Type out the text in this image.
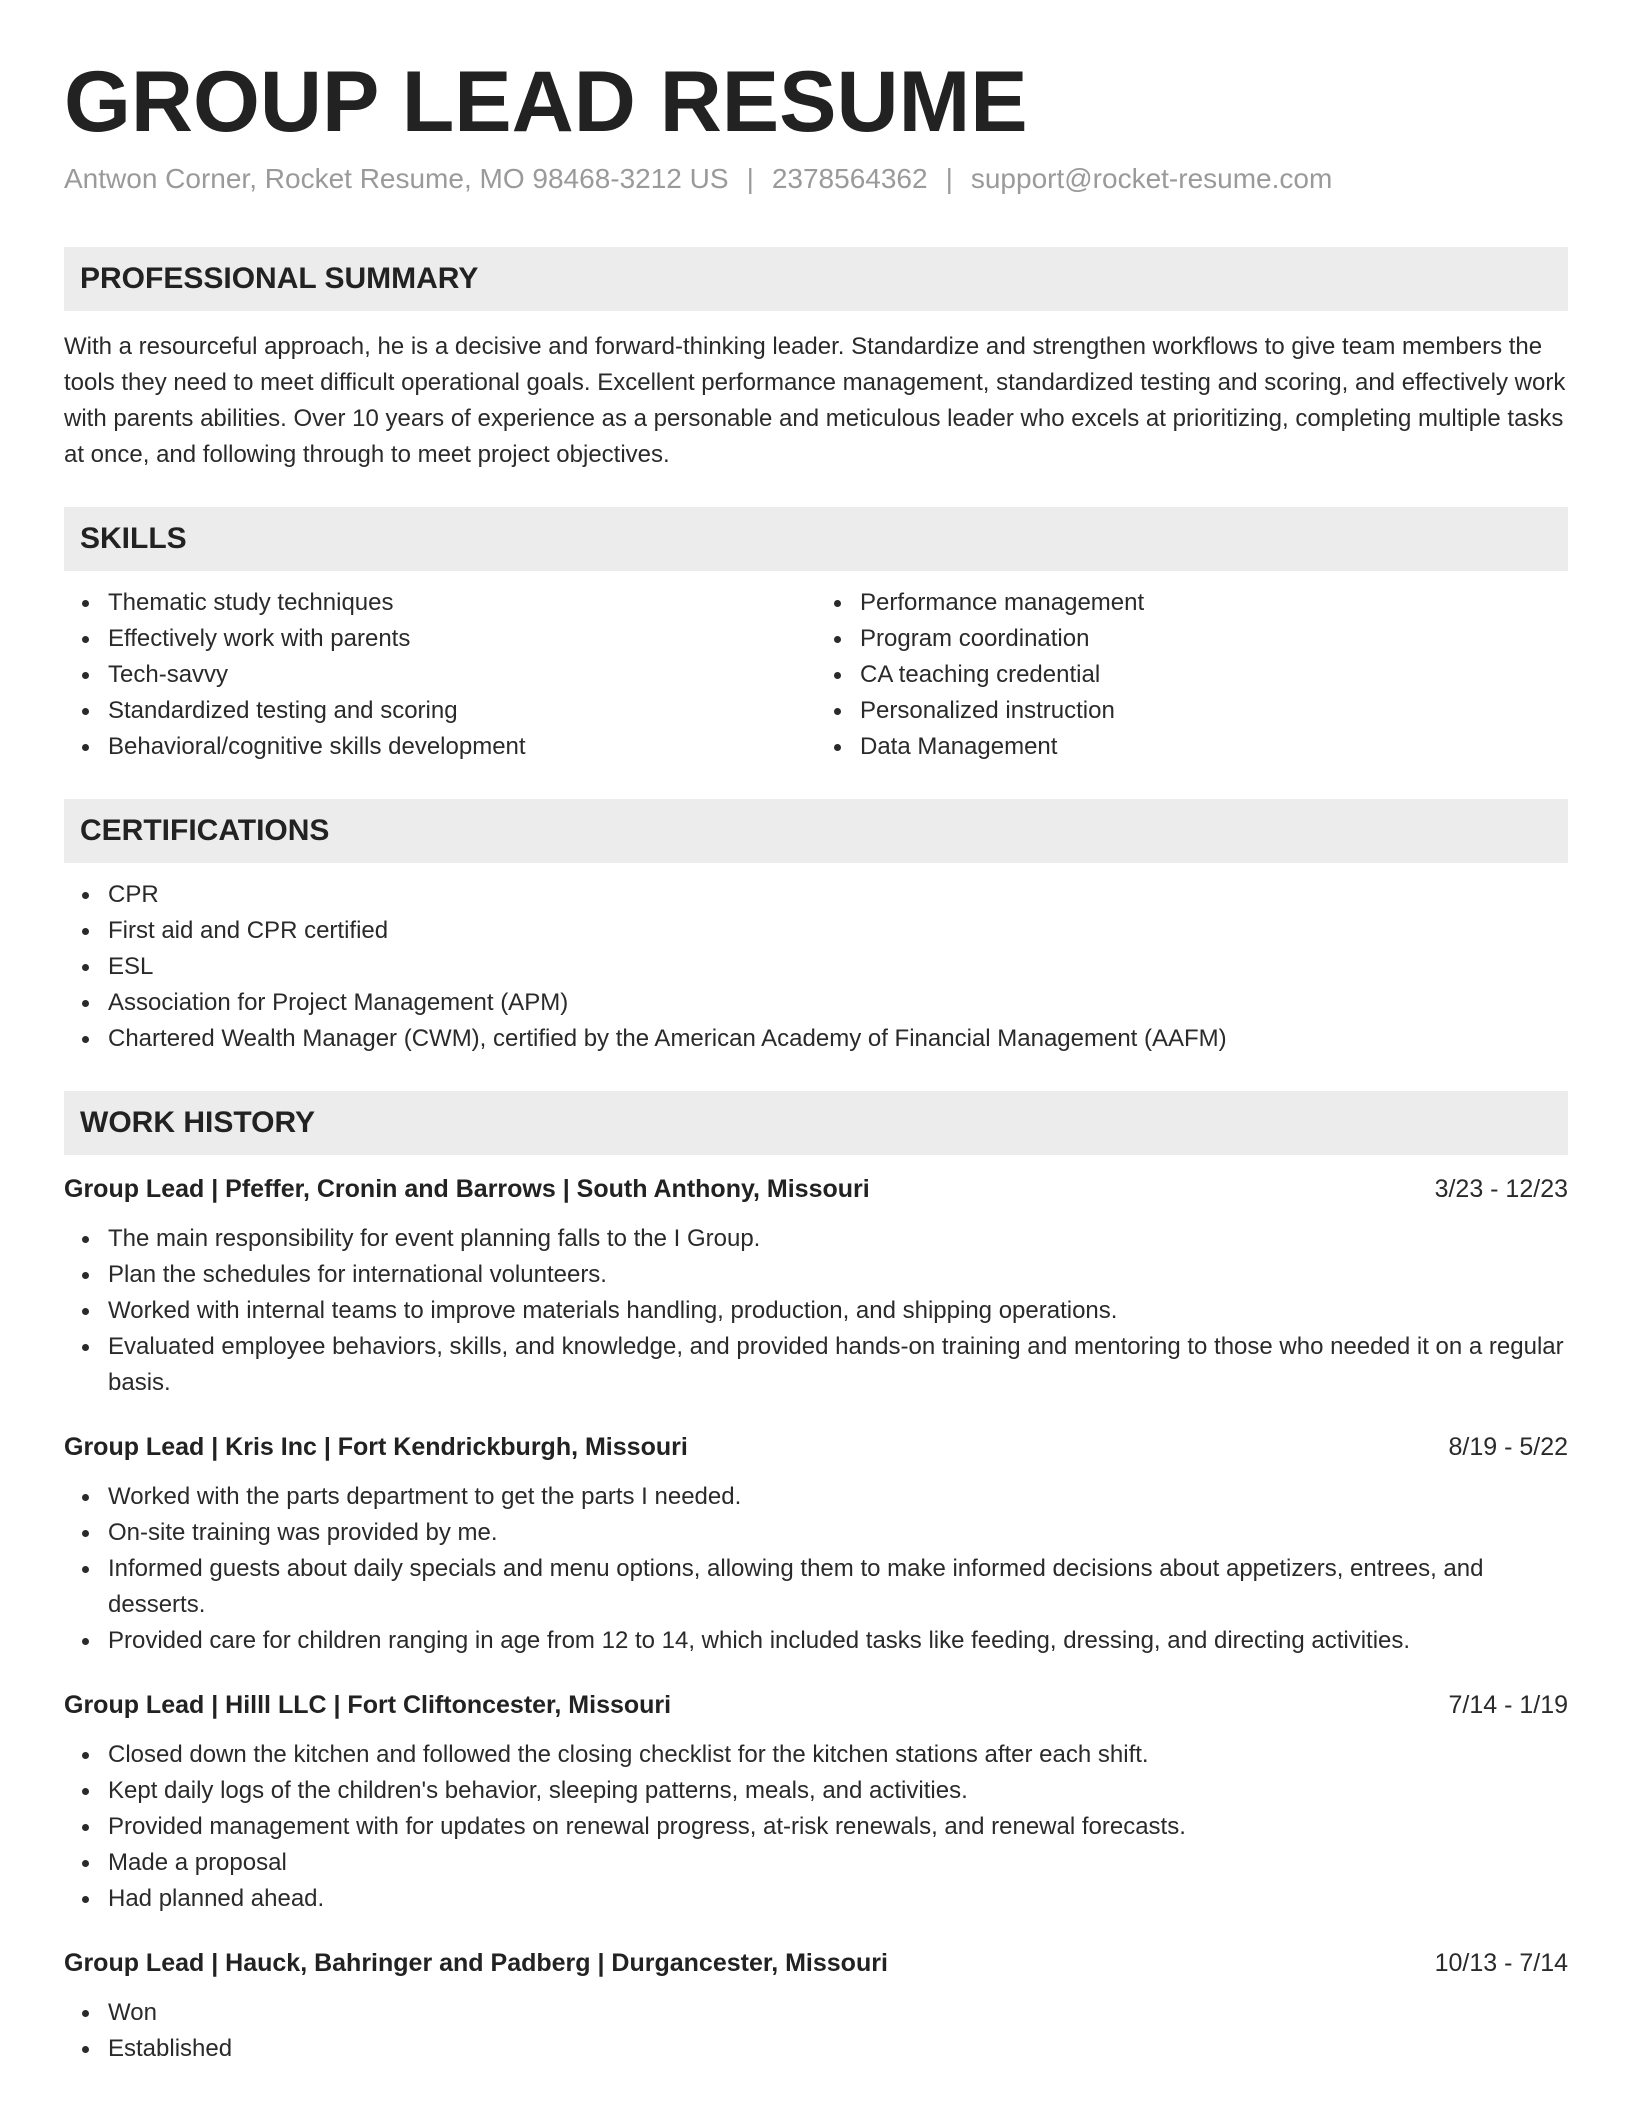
GROUP LEAD RESUME
Antwon Corner, Rocket Resume, MO 98468-3212 US | 2378564362 | support@rocket-resume.com
PROFESSIONAL SUMMARY

With a resourceful approach, he is a decisive and forward-thinking leader. Standardize and strengthen workflows to give team members the tools they need to meet difficult operational goals. Excellent performance management, standardized testing and scoring, and effectively work with parents abilities. Over 10 years of experience as a personable and meticulous leader who excels at prioritizing, completing multiple tasks at once, and following through to meet project objectives.

SKILLS
Thematic study techniques
Effectively work with parents
Tech-savvy
Standardized testing and scoring
Behavioral/cognitive skills development
Performance management
Program coordination
CA teaching credential
Personalized instruction
Data Management
CERTIFICATIONS
CPR
First aid and CPR certified
ESL
Association for Project Management (APM)
Chartered Wealth Manager (CWM), certified by the American Academy of Financial Management (AAFM)
WORK HISTORY
Group Lead | Pfeffer, Cronin and Barrows | South Anthony, Missouri	3/23 - 12/23
The main responsibility for event planning falls to the I Group.
Plan the schedules for international volunteers.
Worked with internal teams to improve materials handling, production, and shipping operations.
Evaluated employee behaviors, skills, and knowledge, and provided hands-on training and mentoring to those who needed it on a regular basis.
Group Lead | Kris Inc | Fort Kendrickburgh, Missouri	8/19 - 5/22
Worked with the parts department to get the parts I needed.
On-site training was provided by me.
Informed guests about daily specials and menu options, allowing them to make informed decisions about appetizers, entrees, and desserts.
Provided care for children ranging in age from 12 to 14, which included tasks like feeding, dressing, and directing activities.
Group Lead | Hilll LLC | Fort Cliftoncester, Missouri	7/14 - 1/19
Closed down the kitchen and followed the closing checklist for the kitchen stations after each shift.
Kept daily logs of the children's behavior, sleeping patterns, meals, and activities.
Provided management with for updates on renewal progress, at-risk renewals, and renewal forecasts.
Made a proposal
Had planned ahead.
Group Lead | Hauck, Bahringer and Padberg | Durgancester, Missouri	10/13 - 7/14
Won
Established
